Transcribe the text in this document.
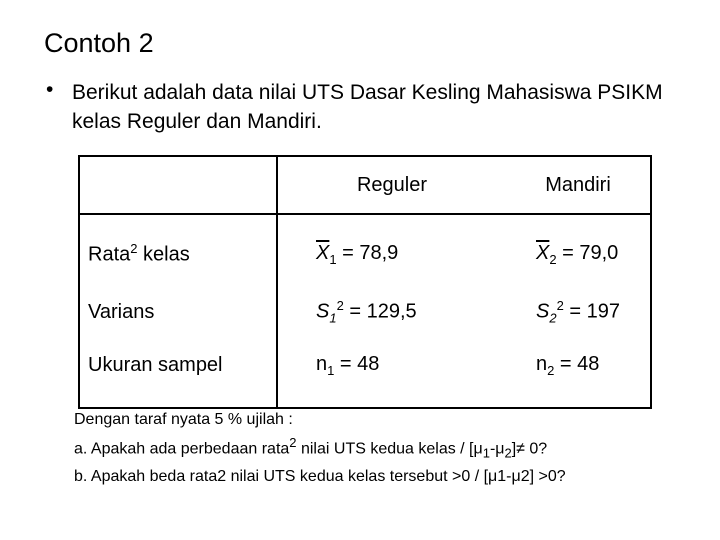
Contoh 2
• Berikut adalah data nilai UTS Dasar Kesling Mahasiswa PSIKM kelas Reguler dan Mandiri.
	Reguler	Mandiri
Rata$^2$ kelas	$\overline{X}_1 = 78,9$	$\overline{X}_2 = 79,0$
Varians	$S_1^2 = 129,5$	$S_2^2 = 197$
Ukuran sampel	$n_1 = 48$	$n_2 = 48$
Dengan taraf nyata 5 % ujilah :
a. Apakah ada perbedaan rata$^2$ nilai UTS kedua kelas / $[\mu_1-\mu_2]\ne 0$?
b. Apakah beda rata2 nilai UTS kedua kelas tersebut >0 / [μ1-μ2] >0?
